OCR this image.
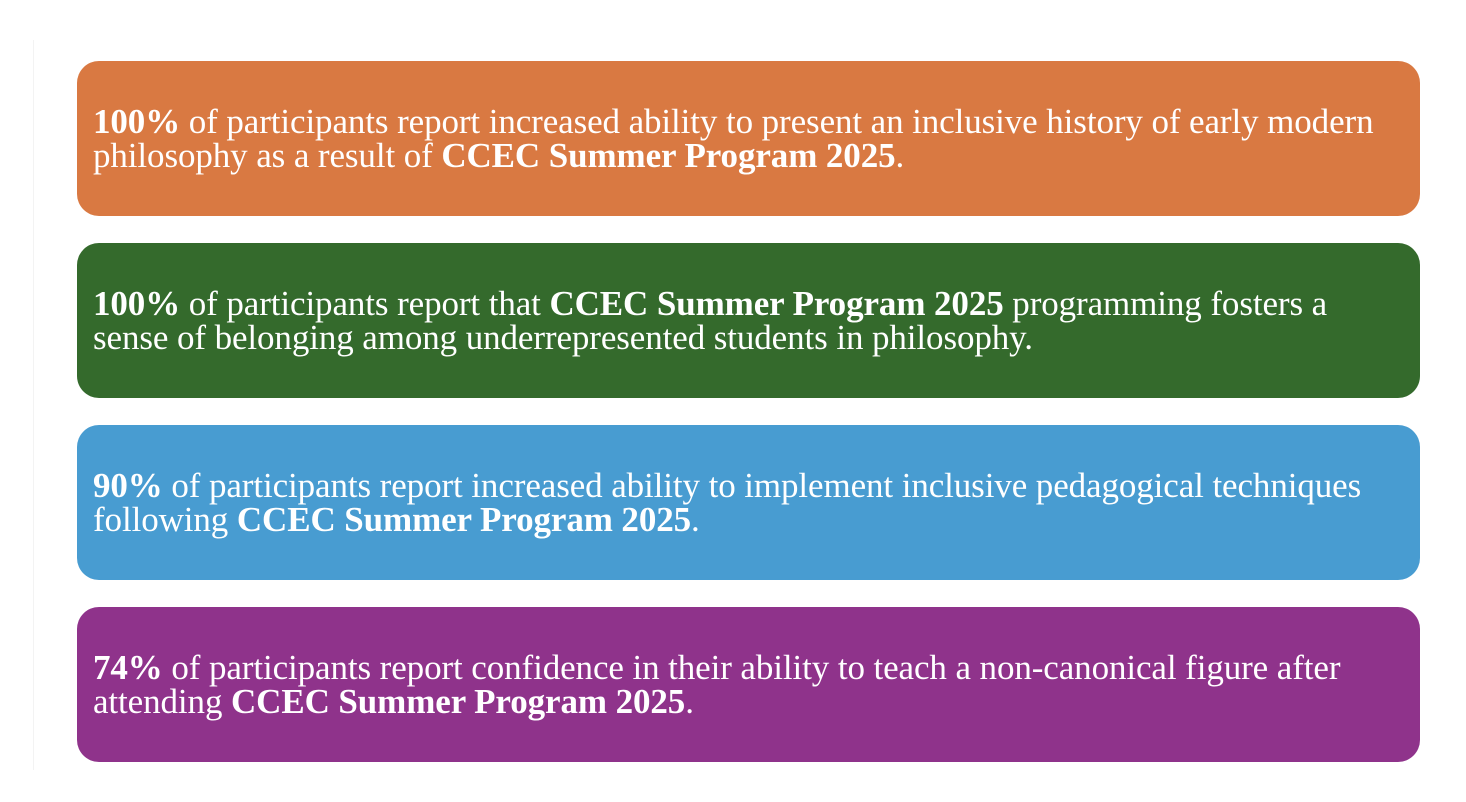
100% of participants report increased ability to present an inclusive history of early modern philosophy as a result of CCEC Summer Program 2025.

100% of participants report that CCEC Summer Program 2025 programming fosters a sense of belonging among underrepresented students in philosophy.

90% of participants report increased ability to implement inclusive pedagogical techniques following CCEC Summer Program 2025.

74% of participants report confidence in their ability to teach a non-canonical figure after attending CCEC Summer Program 2025.
